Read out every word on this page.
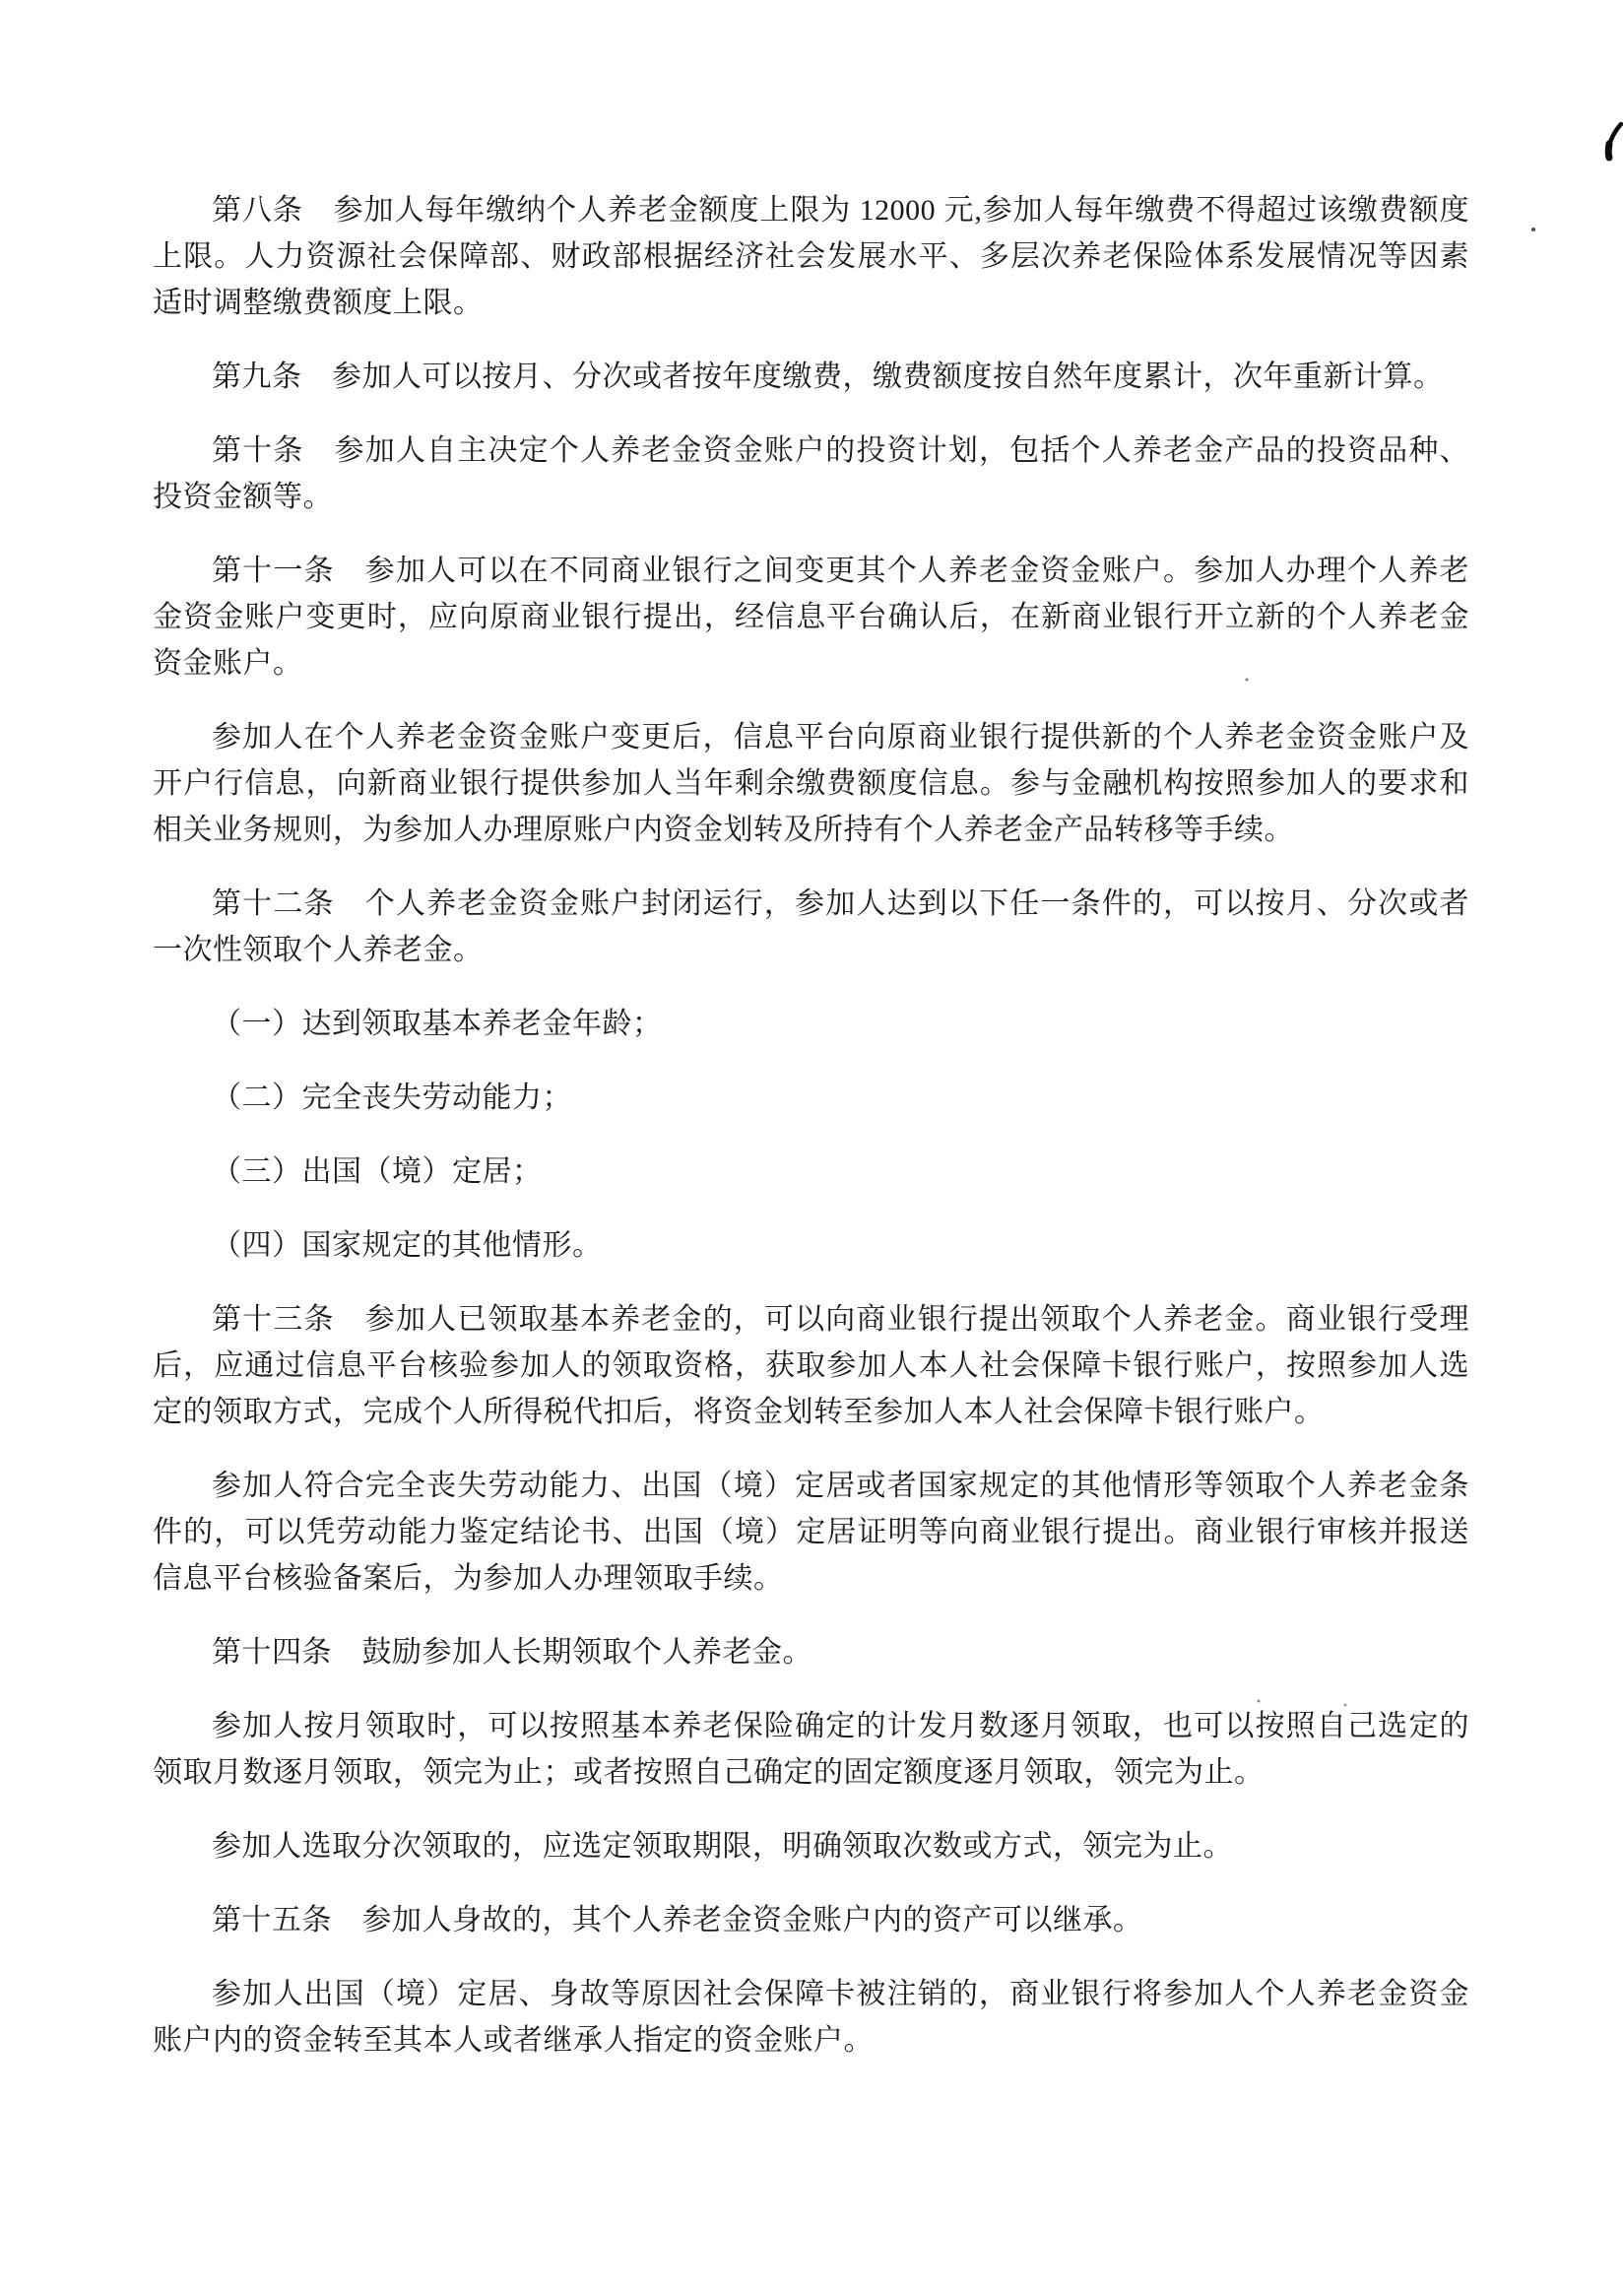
第八条　参加人每年缴纳个人养老金额度上限为 12000 元,参加人每年缴费不得超过该缴费额度上限。人力资源社会保障部、财政部根据经济社会发展水平、多层次养老保险体系发展情况等因素适时调整缴费额度上限。

第九条　参加人可以按月、分次或者按年度缴费，缴费额度按自然年度累计，次年重新计算。

第十条　参加人自主决定个人养老金资金账户的投资计划，包括个人养老金产品的投资品种、投资金额等。

第十一条　参加人可以在不同商业银行之间变更其个人养老金资金账户。参加人办理个人养老金资金账户变更时，应向原商业银行提出，经信息平台确认后，在新商业银行开立新的个人养老金资金账户。

参加人在个人养老金资金账户变更后，信息平台向原商业银行提供新的个人养老金资金账户及开户行信息，向新商业银行提供参加人当年剩余缴费额度信息。参与金融机构按照参加人的要求和相关业务规则，为参加人办理原账户内资金划转及所持有个人养老金产品转移等手续。

第十二条　个人养老金资金账户封闭运行，参加人达到以下任一条件的，可以按月、分次或者一次性领取个人养老金。

（一）达到领取基本养老金年龄；

（二）完全丧失劳动能力；

（三）出国（境）定居；

（四）国家规定的其他情形。

第十三条　参加人已领取基本养老金的，可以向商业银行提出领取个人养老金。商业银行受理后，应通过信息平台核验参加人的领取资格，获取参加人本人社会保障卡银行账户，按照参加人选定的领取方式，完成个人所得税代扣后，将资金划转至参加人本人社会保障卡银行账户。

参加人符合完全丧失劳动能力、出国（境）定居或者国家规定的其他情形等领取个人养老金条件的，可以凭劳动能力鉴定结论书、出国（境）定居证明等向商业银行提出。商业银行审核并报送信息平台核验备案后，为参加人办理领取手续。

第十四条　鼓励参加人长期领取个人养老金。

参加人按月领取时，可以按照基本养老保险确定的计发月数逐月领取，也可以按照自己选定的领取月数逐月领取，领完为止；或者按照自己确定的固定额度逐月领取，领完为止。

参加人选取分次领取的，应选定领取期限，明确领取次数或方式，领完为止。

第十五条　参加人身故的，其个人养老金资金账户内的资产可以继承。

参加人出国（境）定居、身故等原因社会保障卡被注销的，商业银行将参加人个人养老金资金账户内的资金转至其本人或者继承人指定的资金账户。
